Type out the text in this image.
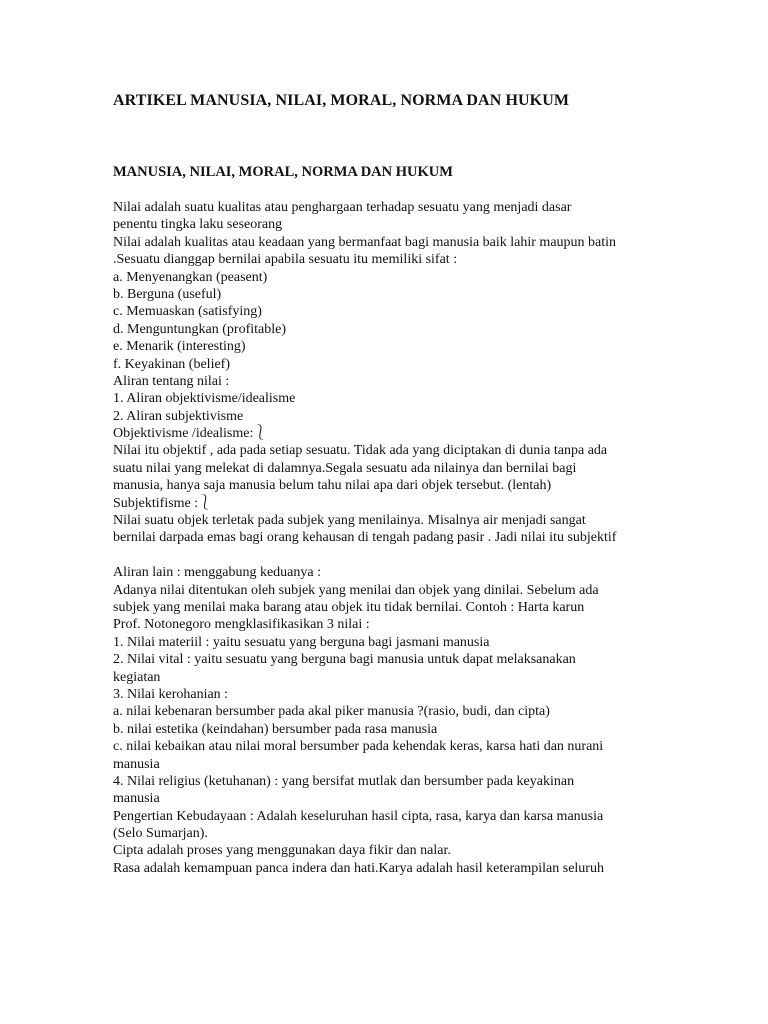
ARTIKEL MANUSIA, NILAI, MORAL, NORMA DAN HUKUM
MANUSIA, NILAI, MORAL, NORMA DAN HUKUM
Nilai adalah suatu kualitas atau penghargaan terhadap sesuatu yang menjadi dasar
penentu tingka laku seseorang
Nilai adalah kualitas atau keadaan yang bermanfaat bagi manusia baik lahir maupun batin
.Sesuatu dianggap bernilai apabila sesuatu itu memiliki sifat :
a. Menyenangkan (peasent)
b. Berguna (useful)
c. Memuaskan (satisfying)
d. Menguntungkan (profitable)
e. Menarik (interesting)
f. Keyakinan (belief)
Aliran tentang nilai :
1. Aliran objektivisme/idealisme
2. Aliran subjektivisme
Objektivisme /idealisme:⎱
Nilai itu objektif , ada pada setiap sesuatu. Tidak ada yang diciptakan di dunia tanpa ada
suatu nilai yang melekat di dalamnya.Segala sesuatu ada nilainya dan bernilai bagi
manusia, hanya saja manusia belum tahu nilai apa dari objek tersebut. (lentah)
Subjektifisme :⎱
Nilai suatu objek terletak pada subjek yang menilainya. Misalnya air menjadi sangat
bernilai darpada emas bagi orang kehausan di tengah padang pasir . Jadi nilai itu subjektif
Aliran lain : menggabung keduanya :
Adanya nilai ditentukan oleh subjek yang menilai dan objek yang dinilai. Sebelum ada
subjek yang menilai maka barang atau objek itu tidak bernilai. Contoh : Harta karun
Prof. Notonegoro mengklasifikasikan 3 nilai :
1. Nilai materiil : yaitu sesuatu yang berguna bagi jasmani manusia
2. Nilai vital : yaitu sesuatu yang berguna bagi manusia untuk dapat melaksanakan
kegiatan
3. Nilai kerohanian :
a. nilai kebenaran bersumber pada akal piker manusia ?(rasio, budi, dan cipta)
b. nilai estetika (keindahan) bersumber pada rasa manusia
c. nilai kebaikan atau nilai moral bersumber pada kehendak keras, karsa hati dan nurani
manusia
4. Nilai religius (ketuhanan) : yang bersifat mutlak dan bersumber pada keyakinan
manusia
Pengertian Kebudayaan : Adalah keseluruhan hasil cipta, rasa, karya dan karsa manusia
(Selo Sumarjan).
Cipta adalah proses yang menggunakan daya fikir dan nalar.
Rasa adalah kemampuan panca indera dan hati.Karya adalah hasil keterampilan seluruh
